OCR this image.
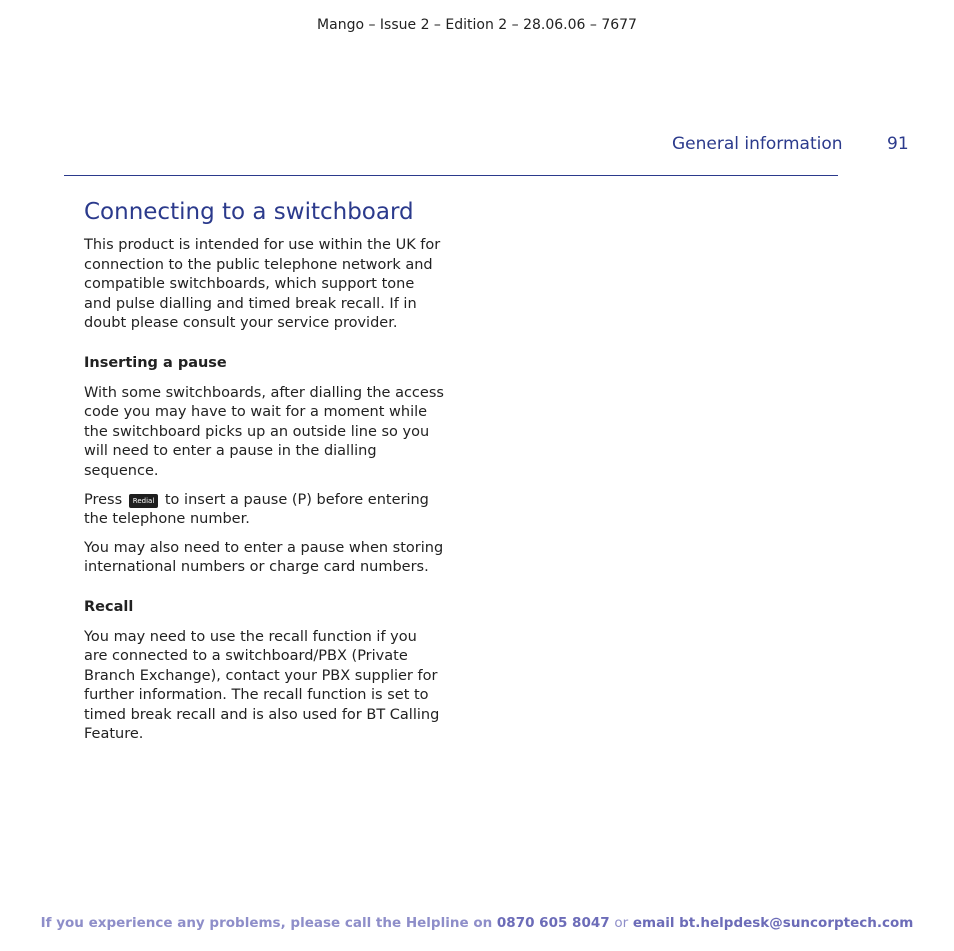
Mango – Issue 2 – Edition 2 – 28.06.06 – 7677
General information	91
Connecting to a switchboard

This product is intended for use within the UK for connection to the public telephone network and compatible switchboards, which support tone and pulse dialling and timed break recall. If in doubt please consult your service provider.

Inserting a pause

With some switchboards, after dialling the access code you may have to wait for a moment while the switchboard picks up an outside line so you will need to enter a pause in the dialling sequence.

Press Redial to insert a pause (P) before entering the telephone number.

You may also need to enter a pause when storing international numbers or charge card numbers.

Recall

You may need to use the recall function if you are connected to a switchboard/PBX (Private Branch Exchange), contact your PBX supplier for further information. The recall function is set to timed break recall and is also used for BT Calling Feature.

If you experience any problems, please call the Helpline on 0870 605 8047 or email bt.helpdesk@suncorptech.com
